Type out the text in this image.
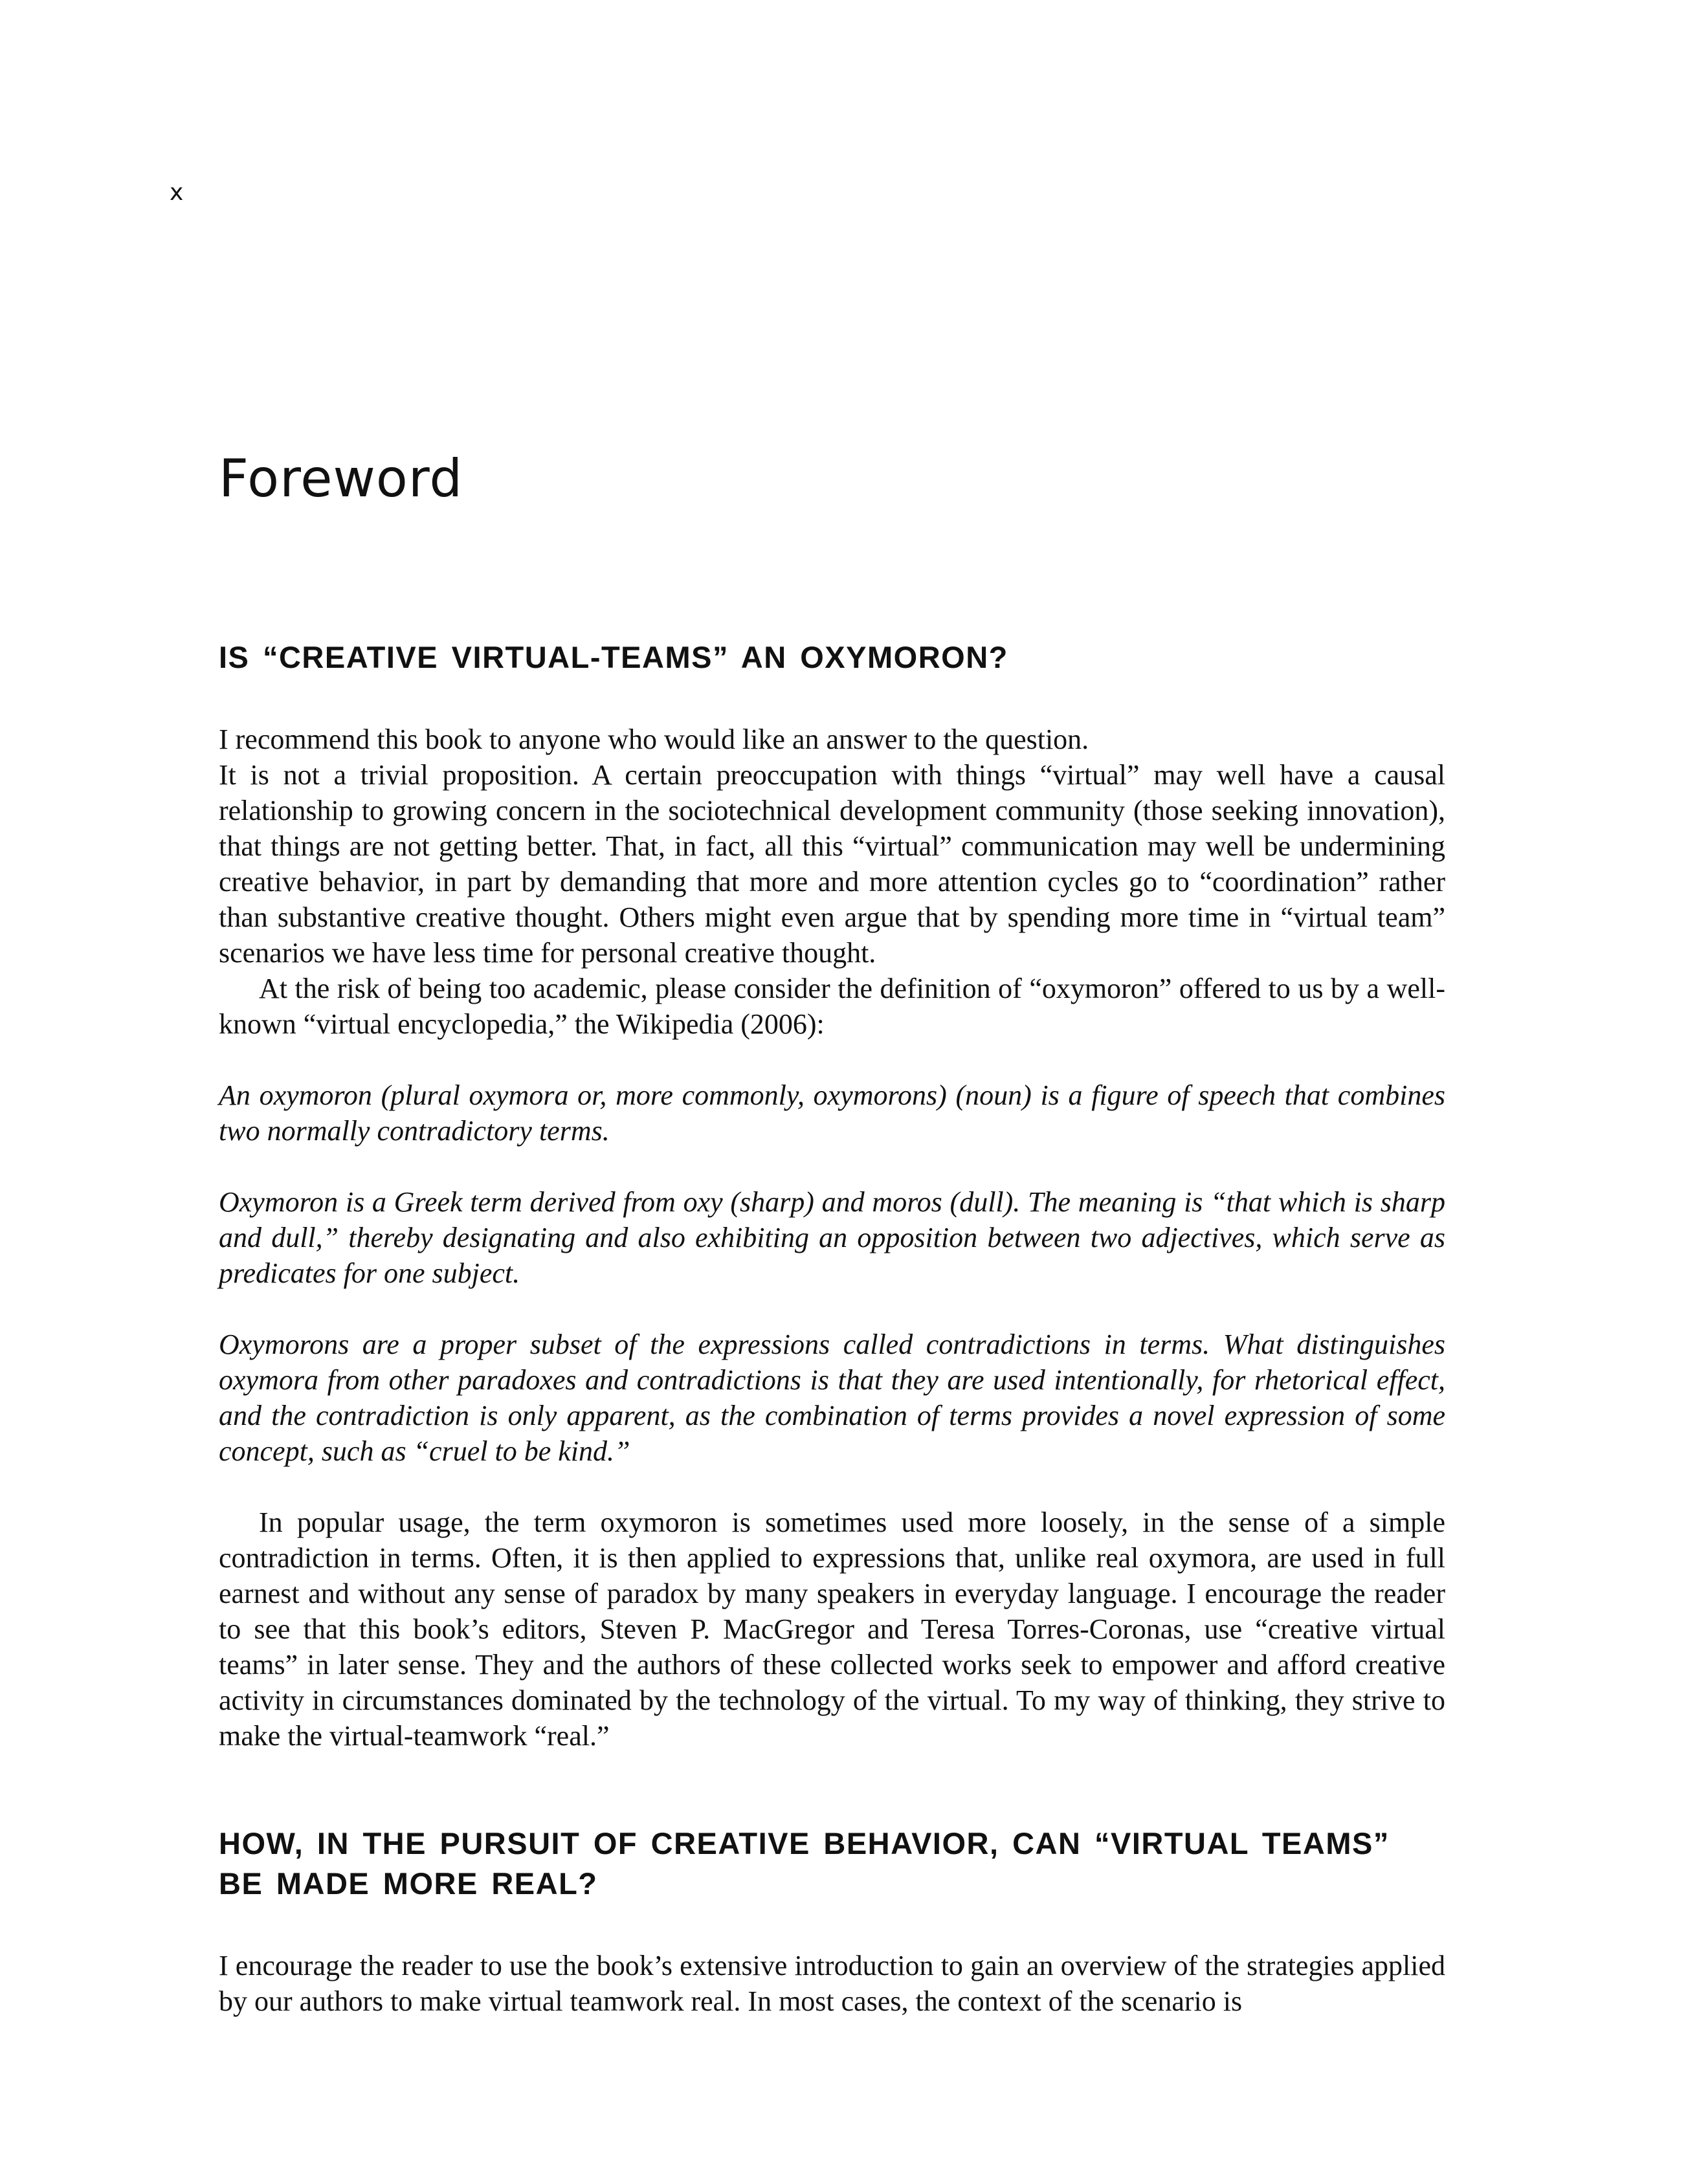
x
Foreword
IS “CREATIVE VIRTUAL-TEAMS” AN OXYMORON?

I recommend this book to anyone who would like an answer to the question.

It is not a trivial proposition. A certain preoccupation with things “virtual” may well have a causal relationship to growing concern in the sociotechnical development community (those seeking innovation), that things are not getting better. That, in fact, all this “virtual” communication may well be undermining creative behavior, in part by demanding that more and more attention cycles go to “coordination” rather than substantive creative thought. Others might even argue that by spending more time in “virtual team” scenarios we have less time for personal creative thought.

At the risk of being too academic, please consider the definition of “oxymoron” offered to us by a well-known “virtual encyclopedia,” the Wikipedia (2006):

An oxymoron (plural oxymora or, more commonly, oxymorons) (noun) is a figure of speech that combines two normally contradictory terms.

Oxymoron is a Greek term derived from oxy (sharp) and moros (dull). The meaning is “that which is sharp and dull,” thereby designating and also exhibiting an opposition between two adjectives, which serve as predicates for one subject.

Oxymorons are a proper subset of the expressions called contradictions in terms. What distinguishes oxymora from other paradoxes and contradictions is that they are used intentionally, for rhetorical effect, and the contradiction is only apparent, as the combination of terms provides a novel expression of some concept, such as “cruel to be kind.”

In popular usage, the term oxymoron is sometimes used more loosely, in the sense of a simple contradiction in terms. Often, it is then applied to expressions that, unlike real oxymora, are used in full earnest and without any sense of paradox by many speakers in everyday language. I encourage the reader to see that this book’s editors, Steven P. MacGregor and Teresa Torres-Coronas, use “creative virtual teams” in later sense. They and the authors of these collected works seek to empower and afford creative activity in circumstances dominated by the technology of the virtual. To my way of thinking, they strive to make the virtual-teamwork “real.”

HOW, IN THE PURSUIT OF CREATIVE BEHAVIOR, CAN “VIRTUAL TEAMS” BE MADE MORE REAL?

I encourage the reader to use the book’s extensive introduction to gain an overview of the strategies applied by our authors to make virtual teamwork real. In most cases, the context of the scenario is
